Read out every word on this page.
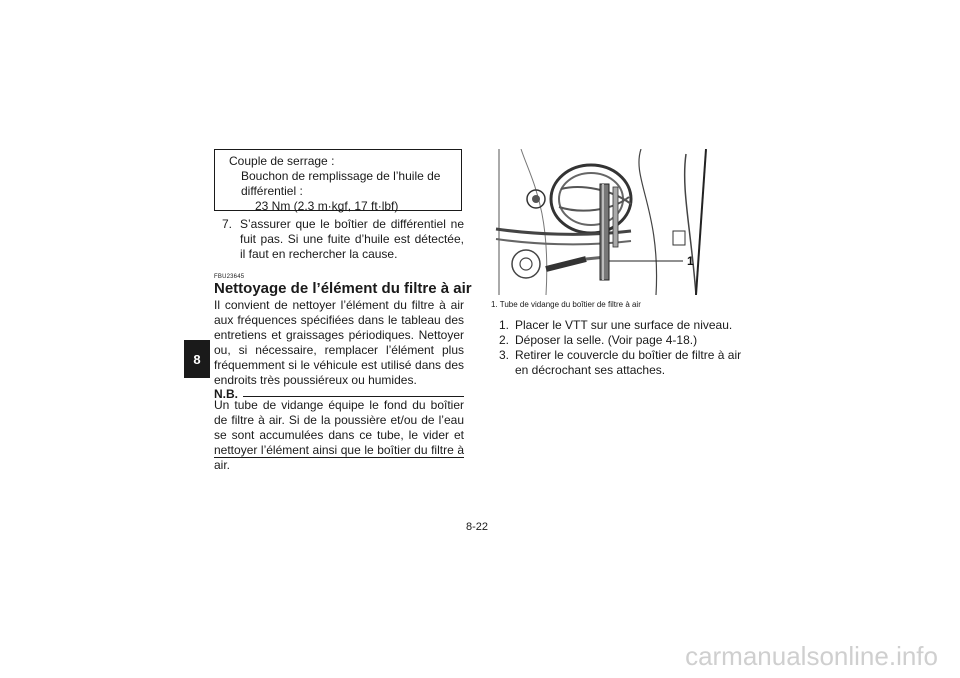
8
Couple de serrage :
Bouchon de remplissage de l’huile de différentiel :
23 Nm (2.3 m·kgf, 17 ft·lbf)
7. S’assurer que le boîtier de différentiel ne fuit pas. Si une fuite d’huile est détectée, il faut en rechercher la cause.
FBU23645
Nettoyage de l’élément du filtre à air
Il convient de nettoyer l’élément du filtre à air aux fréquences spécifiées dans le tableau des entretiens et graissages périodiques. Nettoyer ou, si nécessaire, remplacer l’élément plus fréquemment si le véhicule est utilisé dans des endroits très poussiéreux ou humides.
N.B.
Un tube de vidange équipe le fond du boîtier de filtre à air. Si de la poussière et/ou de l’eau se sont accumulées dans ce tube, le vider et nettoyer l’élément ainsi que le boîtier du filtre à air.
1
1. Tube de vidange du boîtier de filtre à air
1. Placer le VTT sur une surface de niveau.
2. Déposer la selle. (Voir page 4-18.)
3. Retirer le couvercle du boîtier de filtre à air en décrochant ses attaches.
8-22
carmanualsonline.info
